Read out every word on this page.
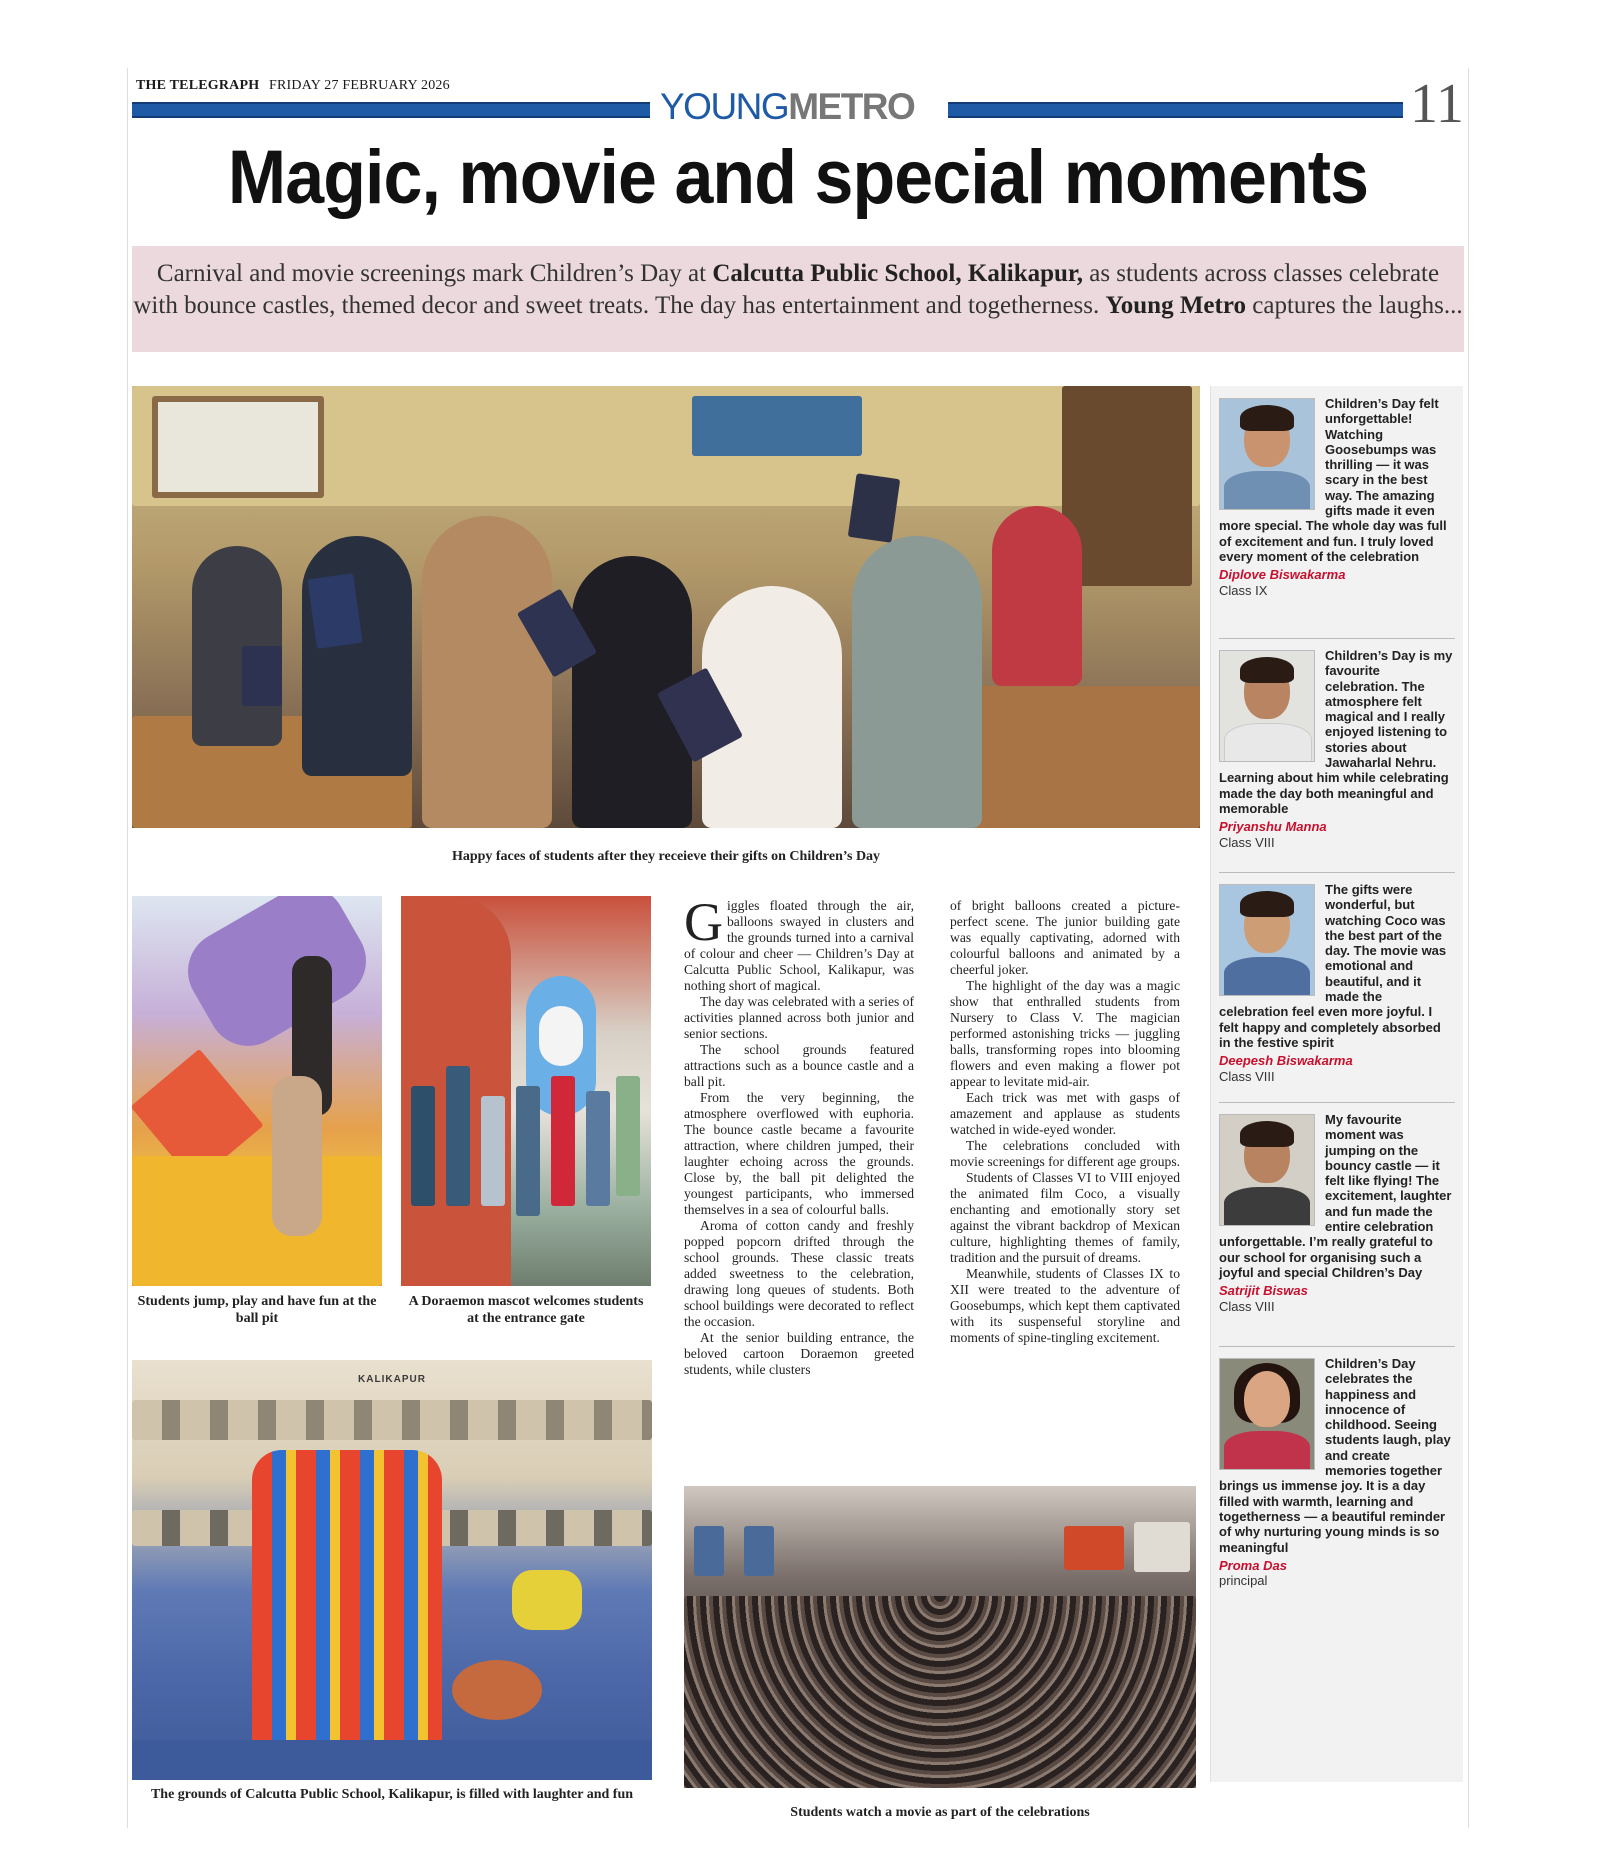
THE TELEGRAPH FRIDAY 27 FEBRUARY 2026
YOUNGMETRO	11
Magic, movie and special moments
Carnival and movie screenings mark Children’s Day at Calcutta Public School, Kalikapur, as students across classes celebrate with bounce castles, themed decor and sweet treats. The day has entertainment and togetherness. Young Metro captures the laughs...
Happy faces of students after they receieve their gifts on Children’s Day
Students jump, play and have fun at the ball pit
A Doraemon mascot welcomes students at the entrance gate
KALIKAPUR
The grounds of Calcutta Public School, Kalikapur, is filled with laughter and fun

Giggles floated through the air, balloons swayed in clusters and the grounds turned into a carnival of colour and cheer — Children’s Day at Calcutta Public School, Kalikapur, was nothing short of magical.

The day was celebrated with a series of activities planned across both junior and senior sections.

The school grounds featured attractions such as a bounce castle and a ball pit.

From the very beginning, the atmosphere overflowed with euphoria. The bounce castle became a favourite attraction, where children jumped, their laughter echoing across the grounds. Close by, the ball pit delighted the youngest participants, who immersed themselves in a sea of colourful balls.

Aroma of cotton candy and freshly popped popcorn drifted through the school grounds. These classic treats added sweetness to the celebration, drawing long queues of students. Both school buildings were decorated to reflect the occasion.

At the senior building entrance, the beloved cartoon Doraemon greeted students, while clusters

of bright balloons created a picture-perfect scene. The junior building gate was equally captivating, adorned with colourful balloons and animated by a cheerful joker.

The highlight of the day was a magic show that enthralled students from Nursery to Class V. The magician performed astonishing tricks — juggling balls, transforming ropes into blooming flowers and even making a flower pot appear to levitate mid-air.

Each trick was met with gasps of amazement and applause as students watched in wide-eyed wonder.

The celebrations concluded with movie screenings for different age groups.

Students of Classes VI to VIII enjoyed the animated film Coco, a visually enchanting and emotionally story set against the vibrant backdrop of Mexican culture, highlighting themes of family, tradition and the pursuit of dreams.

Meanwhile, students of Classes IX to XII were treated to the adventure of Goosebumps, which kept them captivated with its suspenseful storyline and moments of spine-tingling excitement.

Students watch a movie as part of the celebrations
Children’s Day felt unforgettable! Watching Goosebumps was thrilling — it was scary in the best way. The amazing gifts made it even more special. The whole day was full of excitement and fun. I truly loved every moment of the celebration
Diplove Biswakarma
Class IX
Children’s Day is my favourite celebration. The atmosphere felt magical and I really enjoyed listening to stories about Jawaharlal Nehru. Learning about him while celebrating made the day both meaningful and memorable
Priyanshu Manna
Class VIII
The gifts were wonderful, but watching Coco was the best part of the day. The movie was emotional and beautiful, and it made the celebration feel even more joyful. I felt happy and completely absorbed in the festive spirit
Deepesh Biswakarma
Class VIII
My favourite moment was jumping on the bouncy castle — it felt like flying! The excitement, laughter and fun made the entire celebration unforgettable. I’m really grateful to our school for organising such a joyful and special Children’s Day
Satrijit Biswas
Class VIII
Children’s Day celebrates the happiness and innocence of childhood. Seeing students laugh, play and create memories together brings us immense joy. It is a day filled with warmth, learning and togetherness — a beautiful reminder of why nurturing young minds is so meaningful
Proma Das
principal
